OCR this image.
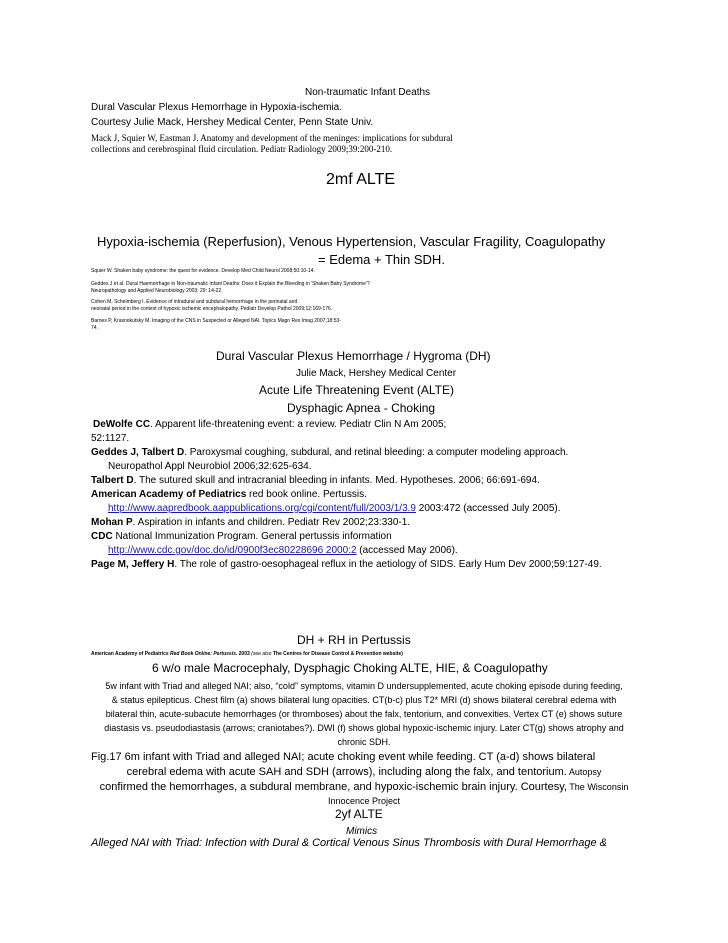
Non-traumatic Infant Deaths
Dural Vascular Plexus Hemorrhage in Hypoxia-ischemia.
Courtesy Julie Mack, Hershey Medical Center, Penn State Univ.
Mack J, Squier W, Eastman J. Anatomy and development of the meninges: implications for subdural
collections and cerebrospinal fluid circulation. Pediatr Radiology 2009;39:200-210.
2mf ALTE
Hypoxia-ischemia (Reperfusion), Venous Hypertension, Vascular Fragility, Coagulopathy
= Edema + Thin SDH.
Squier W. Shaken baby syndrome: the quest for evidence. Develop Med Child Neurol 2008;50:10-14.
Geddes J et al. Dural Haemorrhage in Non-traumatic Infant Deaths: Does it Explain the Bleeding in 'Shaken Baby Syndrome'?
Neuropathology and Applied Neurobiology 2003; 29: 14-22.
Cohen M, Scheimberg I. Evidence of intradural and subdural hemorrhage in the perinatal and
neonatal period in the context of hypoxic ischemic encephalopathy. Pediatr Develop Pathol 2009;12:169-176.
Barnes P, Krasnokutsky M. Imaging of the CNS in Suspected or Alleged NAI. Topics Magn Res Imag 2007;18:53-
74.
Dural Vascular Plexus Hemorrhage / Hygroma (DH)
Julie Mack, Hershey Medical Center
Acute Life Threatening Event (ALTE)
Dysphagic Apnea - Choking
DeWolfe CC. Apparent life-threatening event: a review. Pediatr Clin N Am 2005;
52:1127.
Geddes J, Talbert D. Paroxysmal coughing, subdural, and retinal bleeding: a computer modeling approach.
Neuropathol Appl Neurobiol 2006;32:625-634.
Talbert D. The sutured skull and intracranial bleeding in infants. Med. Hypotheses. 2006; 66:691-694.
American Academy of Pediatrics red book online. Pertussis.
http://www.aapredbook.aappublications.org/cgi/content/full/2003/1/3.9 2003:472 (accessed July 2005).
Mohan P. Aspiration in infants and children. Pediatr Rev 2002;23:330-1.
CDC National Immunization Program. General pertussis information
http://www.cdc.gov/doc.do/id/0900f3ec80228696 2000:2 (accessed May 2006).
Page M, Jeffery H. The role of gastro-oesophageal reflux in the aetiology of SIDS. Early Hum Dev 2000;59:127-49.
DH + RH in Pertussis
American Academy of Pediatrics Red Book Online: Pertussis. 2003 (see also The Centres for Disease Control & Prevention website)
6 w/o male Macrocephaly, Dysphagic Choking ALTE, HIE, & Coagulopathy
5w infant with Triad and alleged NAI; also, “cold” symptoms, vitamin D undersupplemented, acute choking episode during feeding,
& status epilepticus. Chest film (a) shows bilateral lung opacities. CT(b-c) plus T2* MRI (d) shows bilateral cerebral edema with
bilateral thin, acute-subacute hemorrhages (or thromboses) about the falx, tentorium, and convexities. Vertex CT (e) shows suture
diastasis vs. pseudodiastasis (arrows; craniotabes?). DWI (f) shows global hypoxic-ischemic injury. Later CT(g) shows atrophy and
chronic SDH.
Fig.17 6m infant with Triad and alleged NAI; acute choking event while feeding. CT (a-d) shows bilateral
cerebral edema with acute SAH and SDH (arrows), including along the falx, and tentorium. Autopsy
confirmed the hemorrhages, a subdural membrane, and hypoxic-ischemic brain injury. Courtesy, The Wisconsin
Innocence Project
2yf ALTE
Mimics
Alleged NAI with Triad: Infection with Dural & Cortical Venous Sinus Thrombosis with Dural Hemorrhage &
